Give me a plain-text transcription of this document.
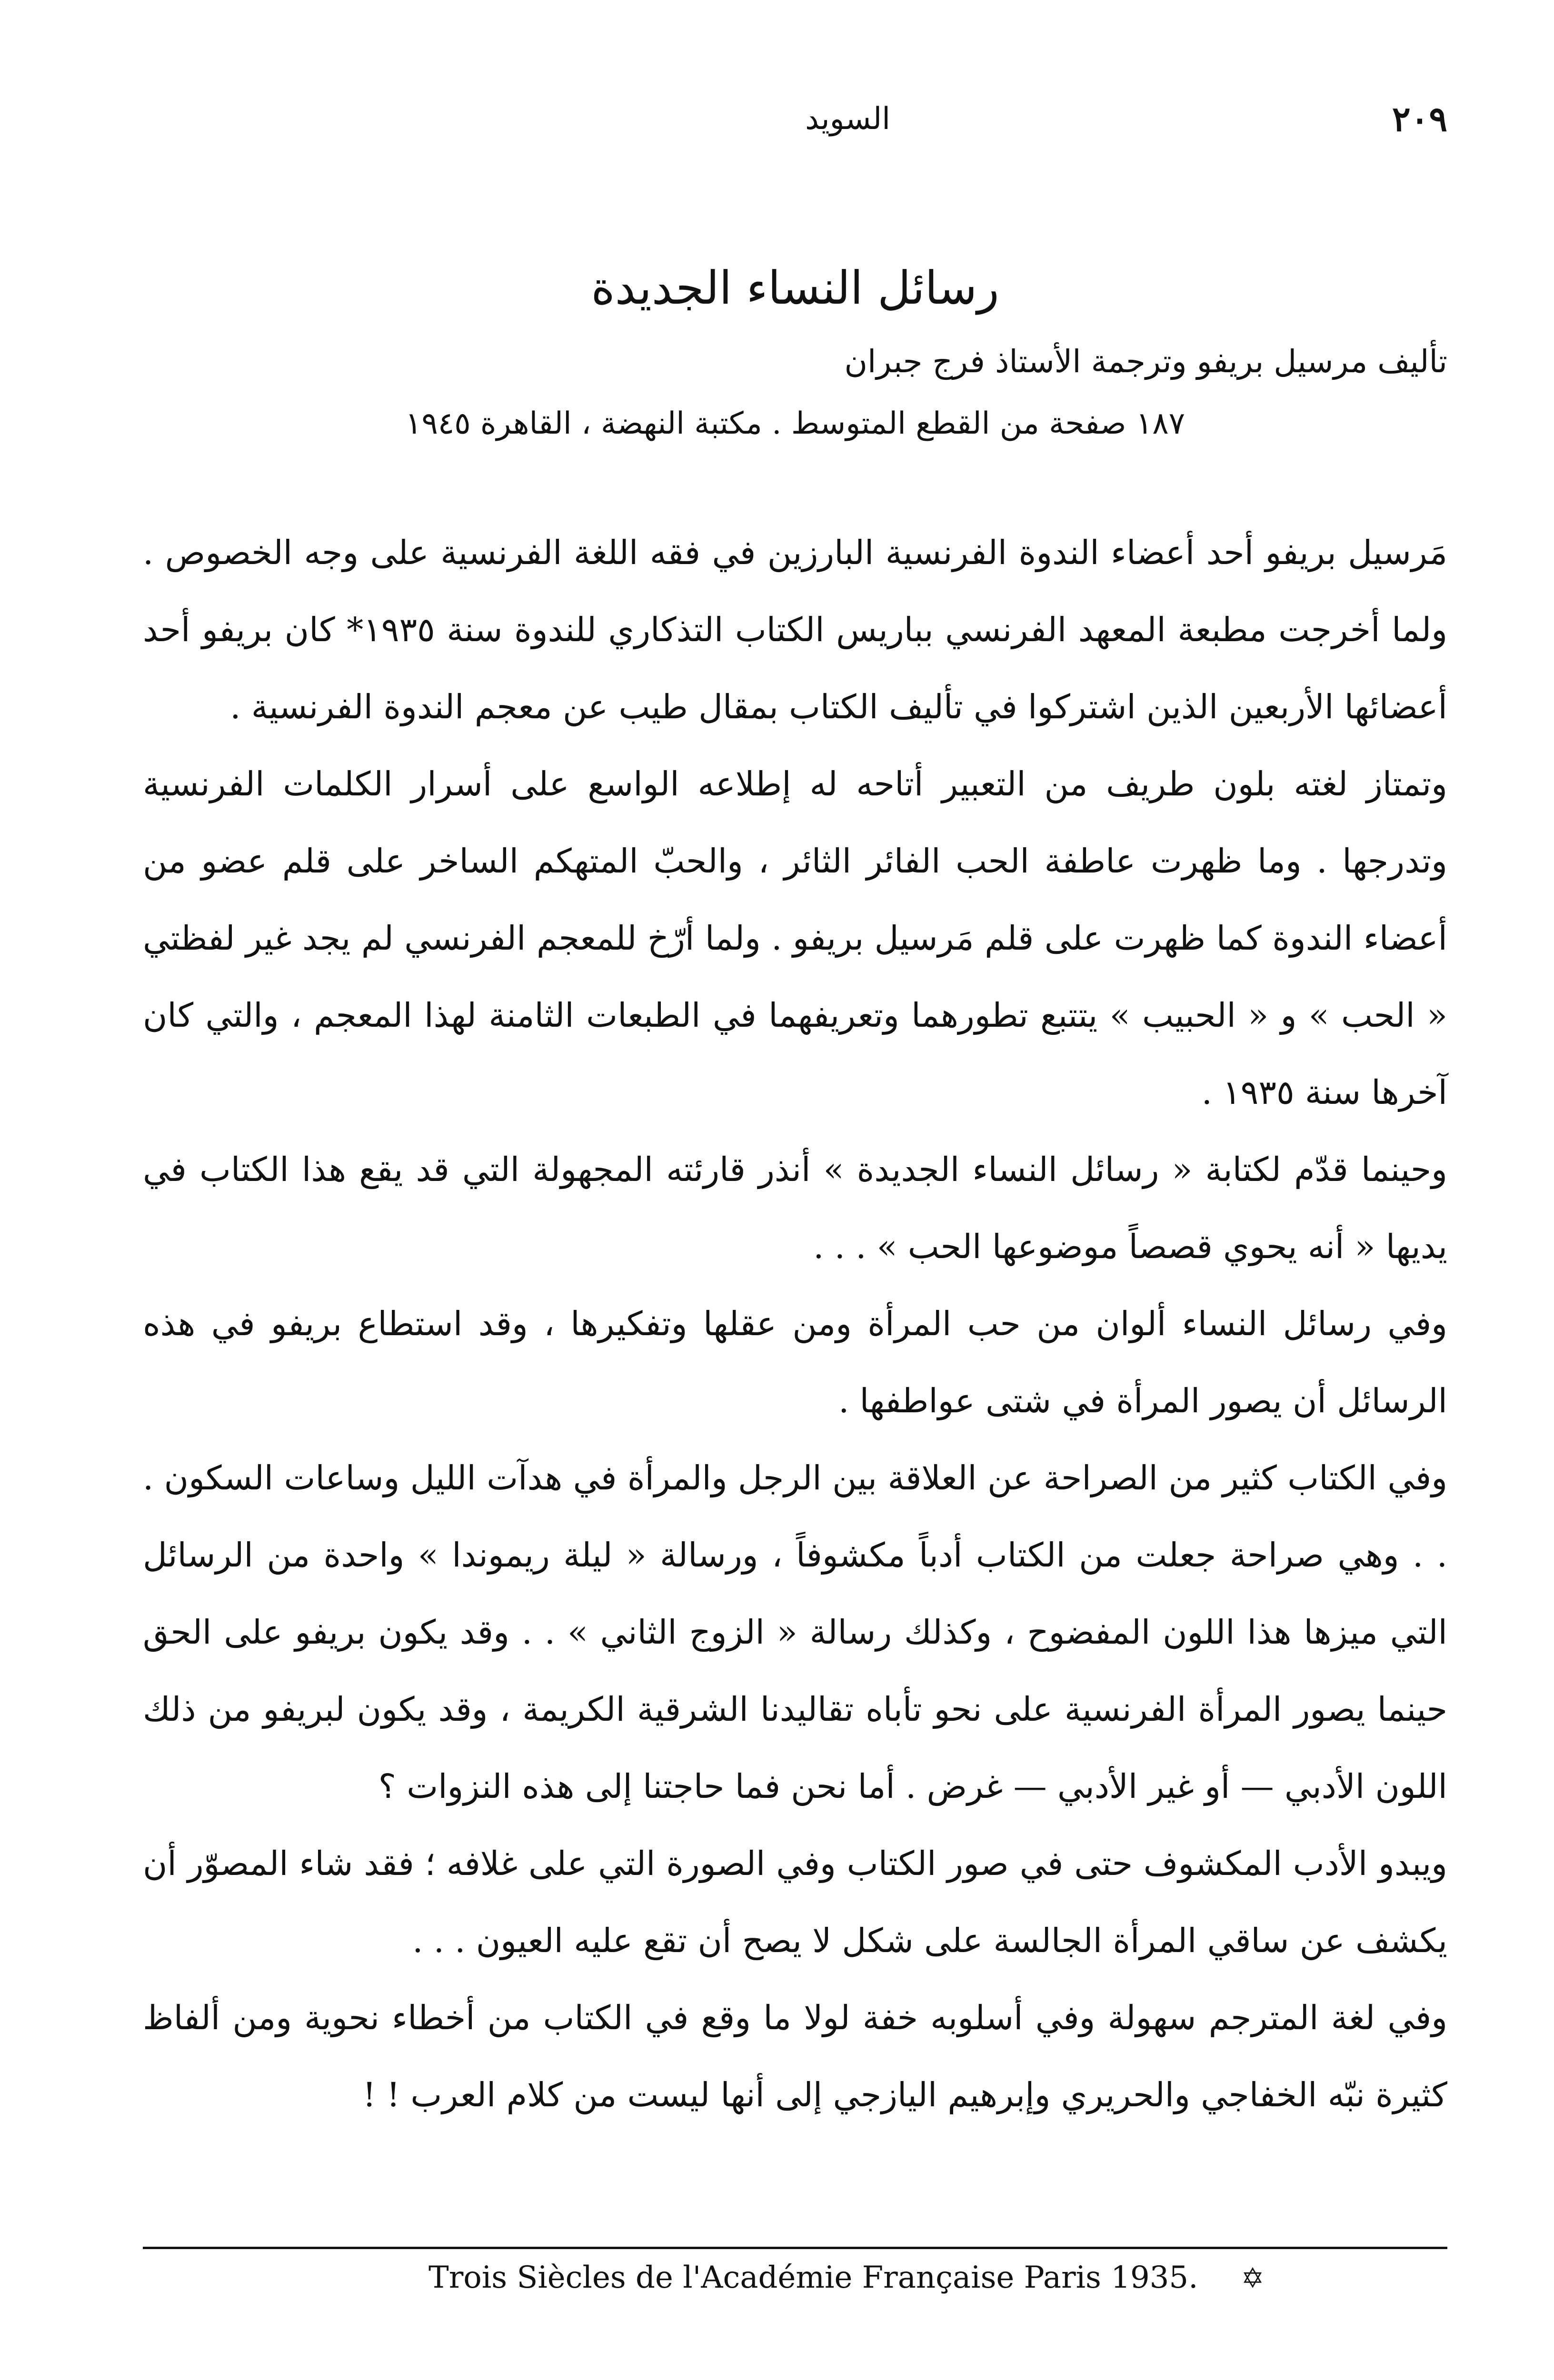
السويد	٢٠٩
رسائل النساء الجديدة

تأليف مرسيل بريفو وترجمة الأستاذ فرج جبران

١٨٧ صفحة من القطع المتوسط . مكتبة النهضة ، القاهرة ١٩٤٥

مَرسيل بريفو أحد أعضاء الندوة الفرنسية البارزين في فقه اللغة الفرنسية على وجه الخصوص . ولما أخرجت مطبعة المعهد الفرنسي بباريس الكتاب التذكاري للندوة سنة ١٩٣٥* كان بريفو أحد أعضائها الأربعين الذين اشتركوا في تأليف الكتاب بمقال طيب عن معجم الندوة الفرنسية .

وتمتاز لغته بلون طريف من التعبير أتاحه له إطلاعه الواسع على أسرار الكلمات الفرنسية وتدرجها . وما ظهرت عاطفة الحب الفائر الثائر ، والحبّ المتهكم الساخر على قلم عضو من أعضاء الندوة كما ظهرت على قلم مَرسيل بريفو . ولما أرّخ للمعجم الفرنسي لم يجد غير لفظتي « الحب » و « الحبيب » يتتبع تطورهما وتعريفهما في الطبعات الثامنة لهذا المعجم ، والتي كان آخرها سنة ١٩٣٥ .

وحينما قدّم لكتابة « رسائل النساء الجديدة » أنذر قارئته المجهولة التي قد يقع هذا الكتاب في يديها « أنه يحوي قصصاً موضوعها الحب » . . .

وفي رسائل النساء ألوان من حب المرأة ومن عقلها وتفكيرها ، وقد استطاع بريفو في هذه الرسائل أن يصور المرأة في شتى عواطفها .

وفي الكتاب كثير من الصراحة عن العلاقة بين الرجل والمرأة في هدآت الليل وساعات السكون . . . وهي صراحة جعلت من الكتاب أدباً مكشوفاً ، ورسالة « ليلة ريموندا » واحدة من الرسائل التي ميزها هذا اللون المفضوح ، وكذلك رسالة « الزوج الثاني » . . وقد يكون بريفو على الحق حينما يصور المرأة الفرنسية على نحو تأباه تقاليدنا الشرقية الكريمة ، وقد يكون لبريفو من ذلك اللون الأدبي — أو غير الأدبي — غرض . أما نحن فما حاجتنا إلى هذه النزوات ؟

ويبدو الأدب المكشوف حتى في صور الكتاب وفي الصورة التي على غلافه ؛ فقد شاء المصوّر أن يكشف عن ساقي المرأة الجالسة على شكل لا يصح أن تقع عليه العيون . . .

وفي لغة المترجم سهولة وفي أسلوبه خفة لولا ما وقع في الكتاب من أخطاء نحوية ومن ألفاظ كثيرة نبّه الخفاجي والحريري وإبرهيم اليازجي إلى أنها ليست من كلام العرب ! !

Trois Siècles de l'Académie Française Paris 1935. ✡
